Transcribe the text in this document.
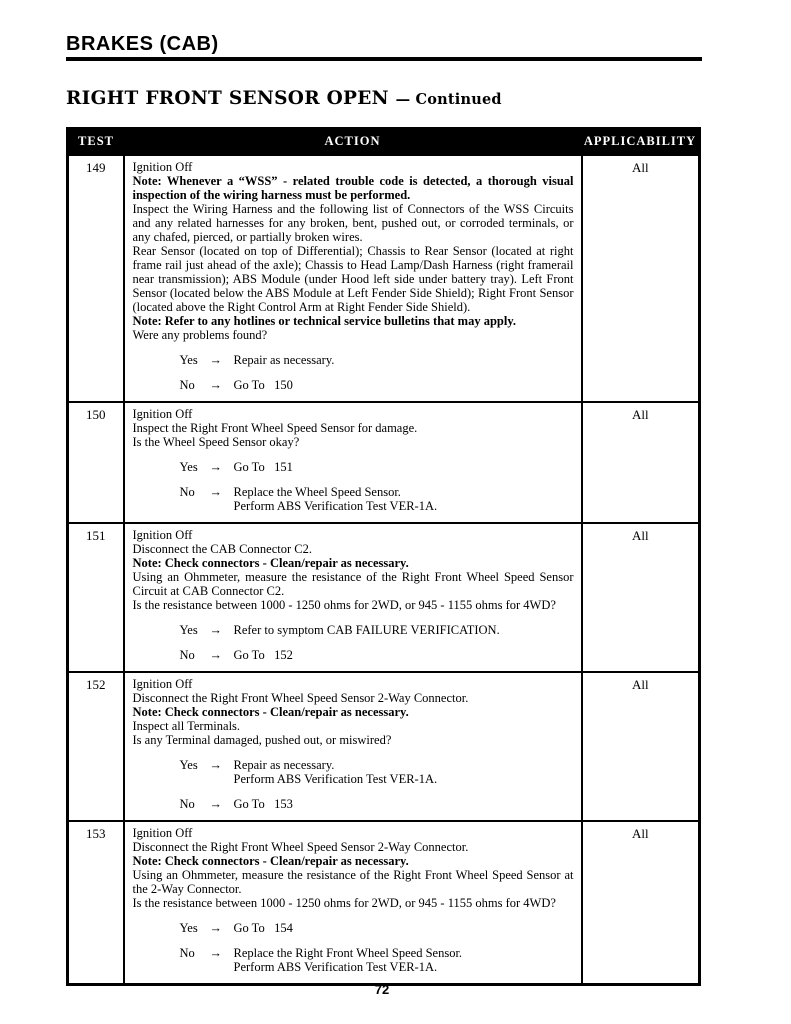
BRAKES (CAB)
RIGHT FRONT SENSOR OPEN — Continued
TEST	ACTION	APPLICABILITY
149	Ignition Off
Note: Whenever a “WSS” - related trouble code is detected, a thorough visual inspection of the wiring harness must be performed.
Inspect the Wiring Harness and the following list of Connectors of the WSS Circuits and any related harnesses for any broken, bent, pushed out, or corroded terminals, or any chafed, pierced, or partially broken wires.
Rear Sensor (located on top of Differential); Chassis to Rear Sensor (located at right frame rail just ahead of the axle); Chassis to Head Lamp/Dash Harness (right framerail near transmission); ABS Module (under Hood left side under battery tray). Left Front Sensor (located below the ABS Module at Left Fender Side Shield); Right Front Sensor (located above the Right Control Arm at Right Fender Side Shield).
Note: Refer to any hotlines or technical service bulletins that may apply.
Were any problems found?
Yes → Repair as necessary.
No	→ Go To   150
	All
150	Ignition Off
Inspect the Right Front Wheel Speed Sensor for damage.
Is the Wheel Speed Sensor okay?
Yes → Go To   151
No	→ Replace the Wheel Speed Sensor.
Perform ABS Verification Test VER-1A.
	All
151	Ignition Off
Disconnect the CAB Connector C2.
Note: Check connectors - Clean/repair as necessary.
Using an Ohmmeter, measure the resistance of the Right Front Wheel Speed Sensor Circuit at CAB Connector C2.
Is the resistance between 1000 - 1250 ohms for 2WD, or 945 - 1155 ohms for 4WD?
Yes → Refer to symptom CAB FAILURE VERIFICATION.
No	→ Go To   152
	All
152	Ignition Off
Disconnect the Right Front Wheel Speed Sensor 2-Way Connector.
Note: Check connectors - Clean/repair as necessary.
Inspect all Terminals.
Is any Terminal damaged, pushed out, or miswired?
Yes → Repair as necessary.
Perform ABS Verification Test VER-1A.
No	→ Go To   153
	All
153	Ignition Off
Disconnect the Right Front Wheel Speed Sensor 2-Way Connector.
Note: Check connectors - Clean/repair as necessary.
Using an Ohmmeter, measure the resistance of the Right Front Wheel Speed Sensor at the 2-Way Connector.
Is the resistance between 1000 - 1250 ohms for 2WD, or 945 - 1155 ohms for 4WD?
Yes → Go To   154
No	→ Replace the Right Front Wheel Speed Sensor.
Perform ABS Verification Test VER-1A.
	All
72
